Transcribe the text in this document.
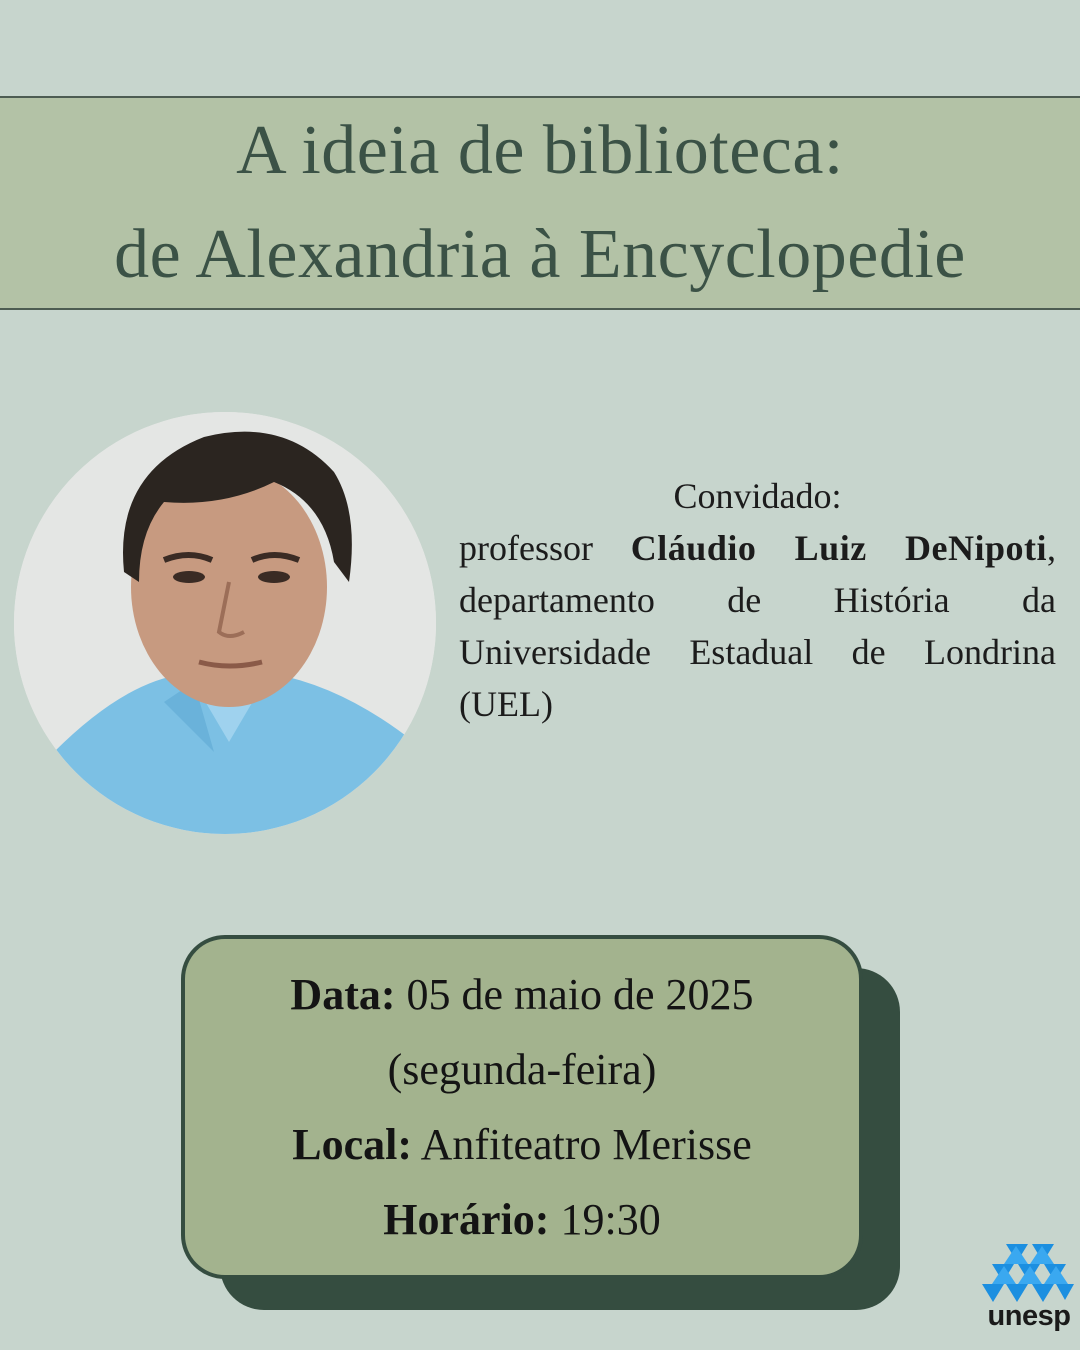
A ideia de biblioteca:
de Alexandria à Encyclopedie
Convidado:
professor Cláudio Luiz DeNipoti, departamento de História da Universidade Estadual de Londrina (UEL)
Data: 05 de maio de 2025
(segunda-feira)
Local: Anfiteatro Merisse
Horário: 19:30
unesp
